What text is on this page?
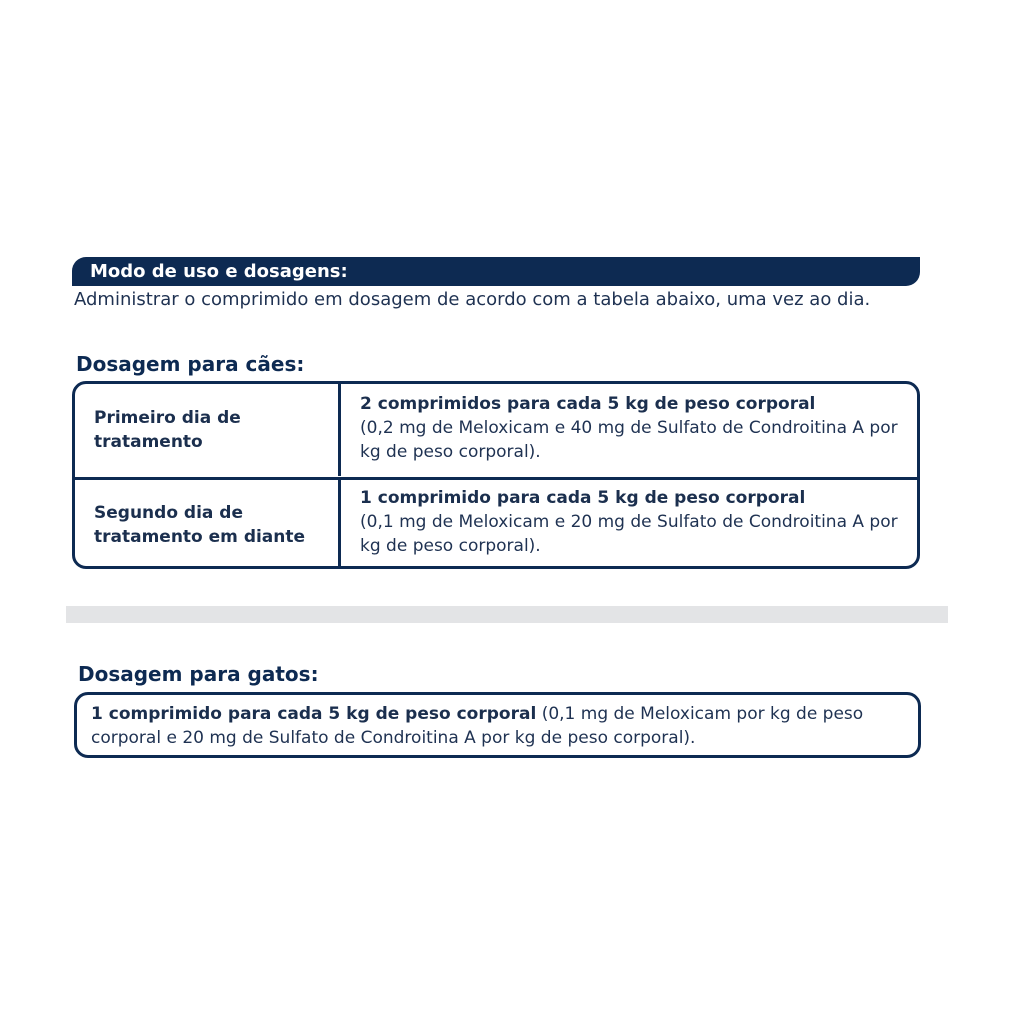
Modo de uso e dosagens:
Administrar o comprimido em dosagem de acordo com a tabela abaixo, uma vez ao dia.
Dosagem para cães:
Primeiro dia de tratamento
2 comprimidos para cada 5 kg de peso corporal
(0,2 mg de Meloxicam e 40 mg de Sulfato de Condroitina A por kg de peso corporal).
Segundo dia de tratamento em diante
1 comprimido para cada 5 kg de peso corporal
(0,1 mg de Meloxicam e 20 mg de Sulfato de Condroitina A por kg de peso corporal).
Dosagem para gatos:
1 comprimido para cada 5 kg de peso corporal (0,1 mg de Meloxicam por kg de peso corporal e 20 mg de Sulfato de Condroitina A por kg de peso corporal).
